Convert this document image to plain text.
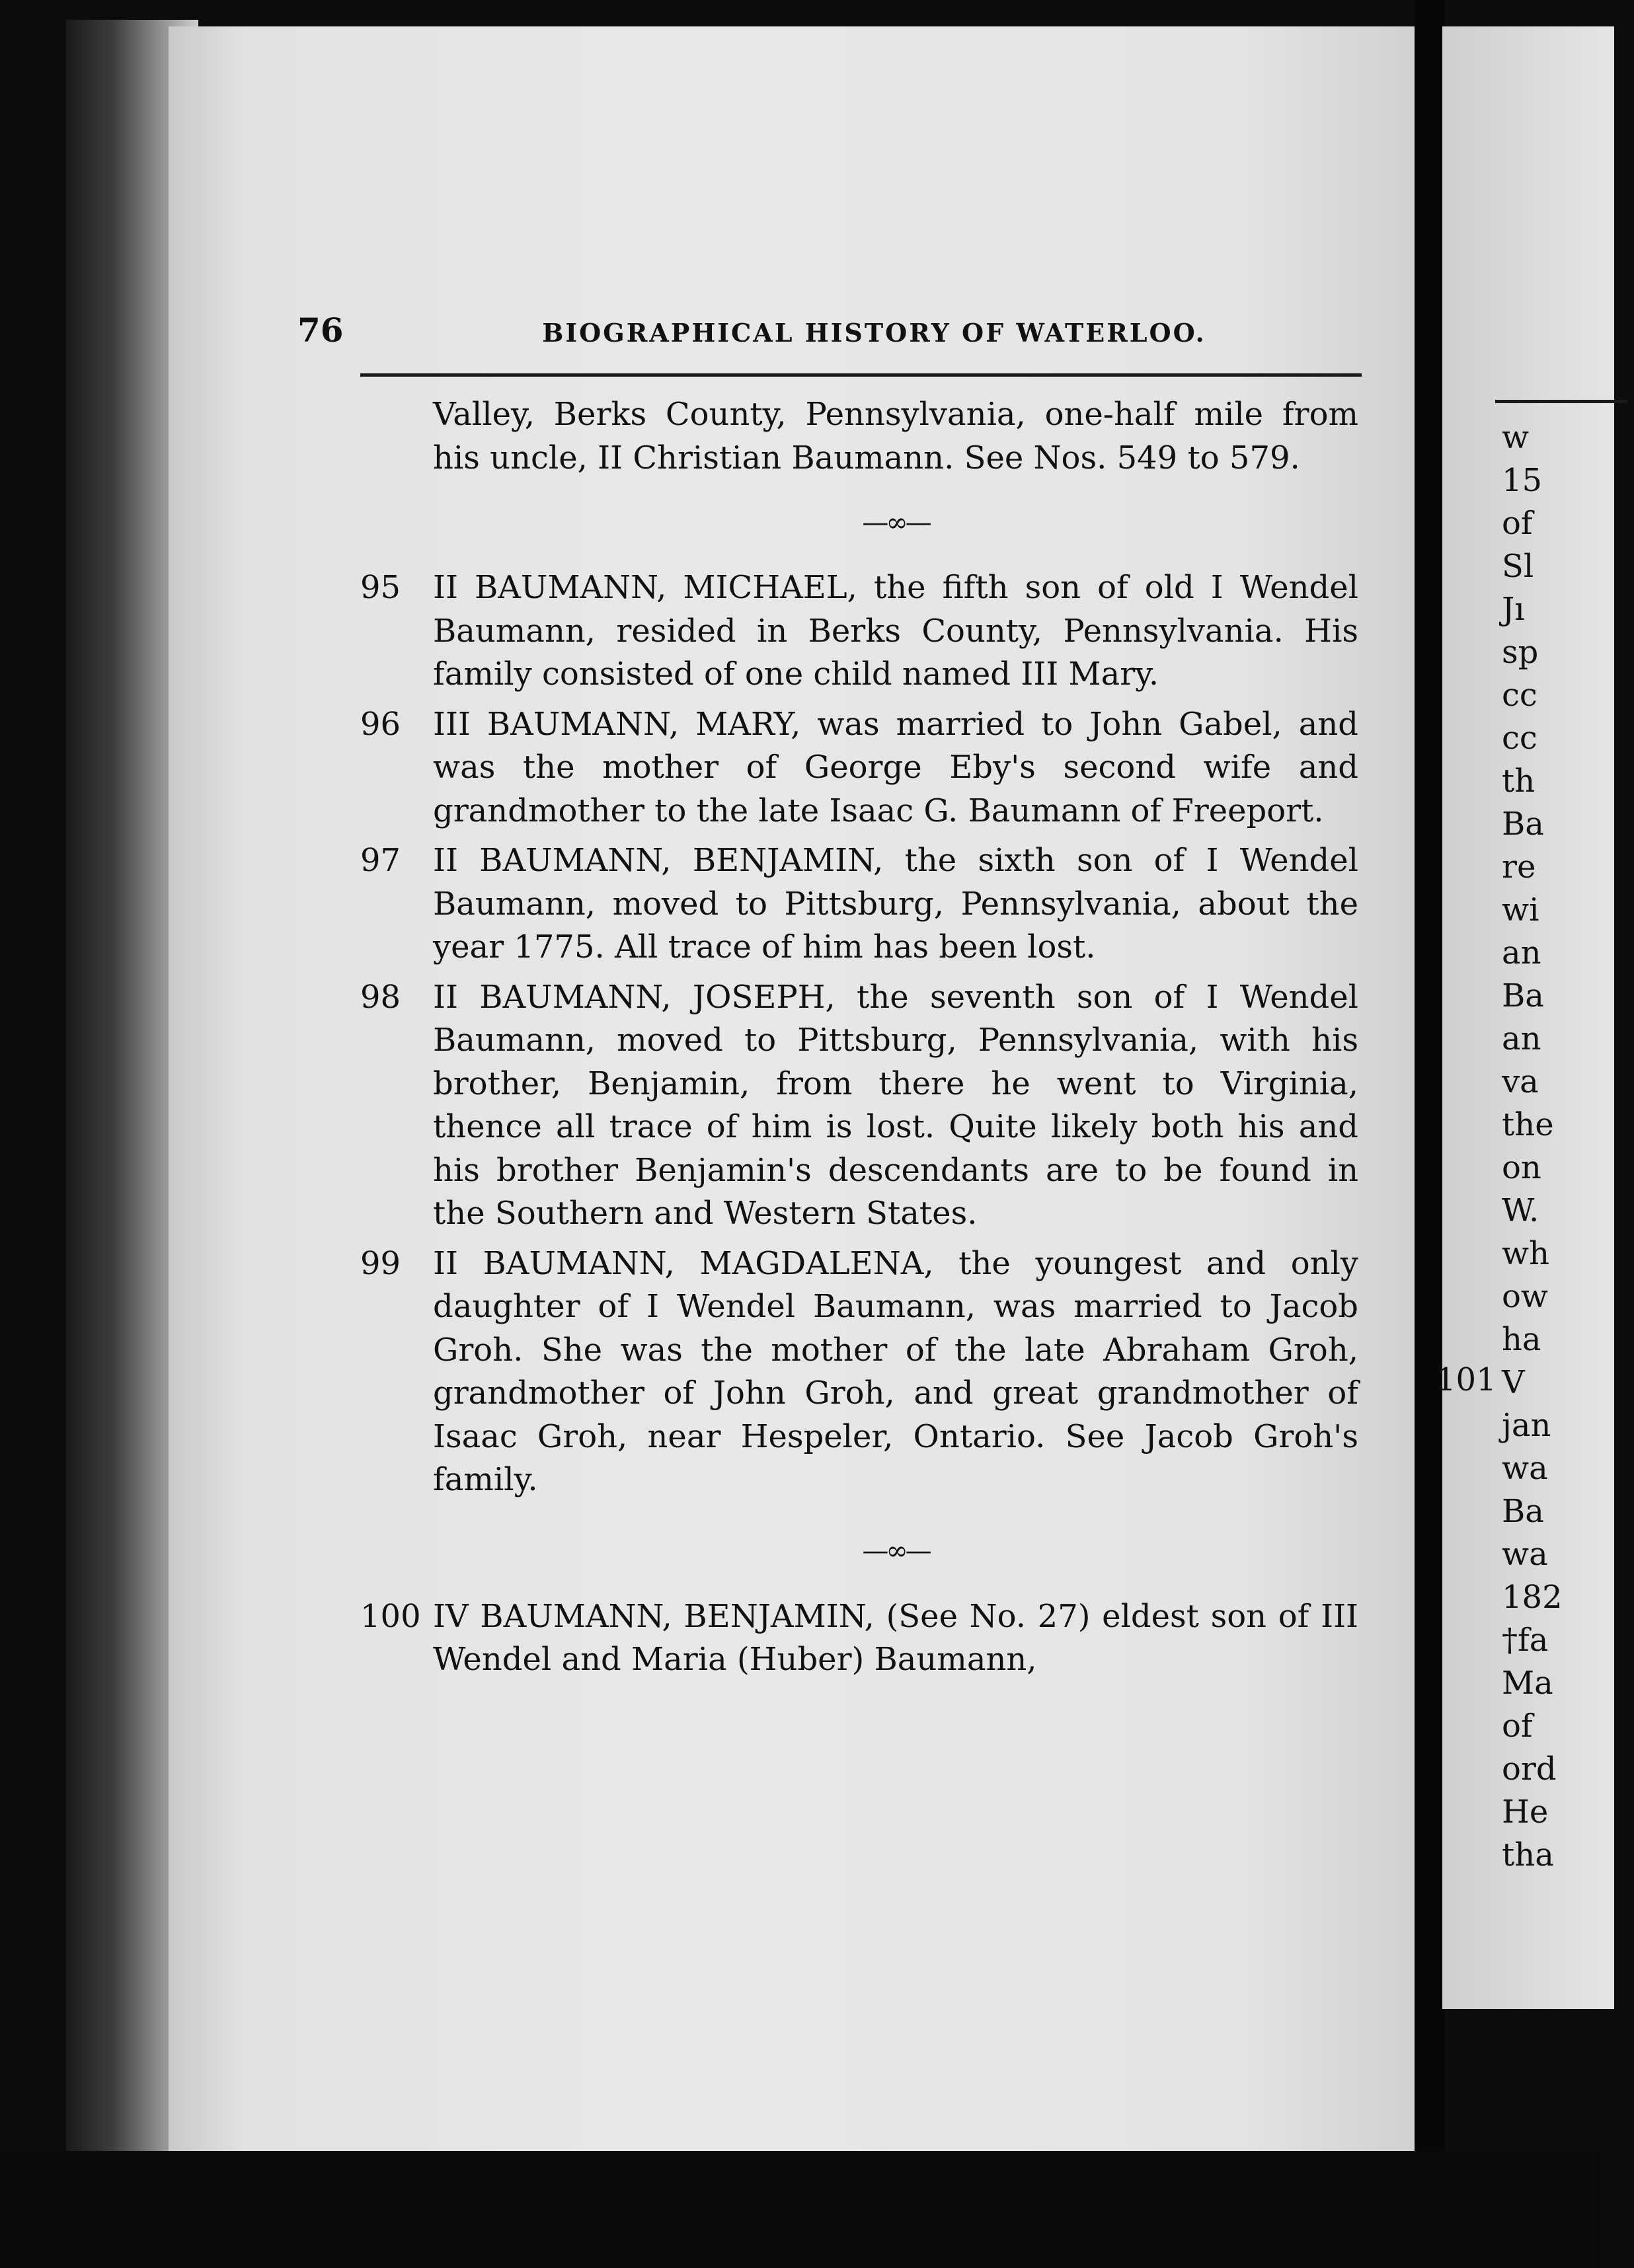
w
15
of
Sl
Jı
sp
cc
cc
th
Ba
re
wi
an
Ba
an
va
the
on
W.
wh
ow
ha
V
jan
wa
Ba
wa
182
†fa
Ma
of
ord
He
tha
101
BIOGRAPHICAL HISTORY OF WATERLOO.

Valley, Berks County, Pennsylvania, one-half mile from his uncle, II Christian Baumann. See Nos. 549 to 579.

—∞—
95 II BAUMANN, MICHAEL, the fifth son of old I Wendel Baumann, resided in Berks County, Pennsylvania. His family consisted of one child named III Mary.

96 III BAUMANN, MARY, was married to John Gabel, and was the mother of George Eby's second wife and grandmother to the late Isaac G. Baumann of Freeport.

97 II BAUMANN, BENJAMIN, the sixth son of I Wendel Baumann, moved to Pittsburg, Pennsylvania, about the year 1775. All trace of him has been lost.

98 II BAUMANN, JOSEPH, the seventh son of I Wendel Baumann, moved to Pittsburg, Pennsylvania, with his brother, Benjamin, from there he went to Virginia, thence all trace of him is lost. Quite likely both his and his brother Benjamin's descendants are to be found in the Southern and Western States.

99 II BAUMANN, MAGDALENA, the youngest and only daughter of I Wendel Baumann, was married to Jacob Groh. She was the mother of the late Abraham Groh, grandmother of John Groh, and great grandmother of Isaac Groh, near Hespeler, Ontario. See Jacob Groh's family.

—∞—
100 IV BAUMANN, BENJAMIN, (See No. 27) eldest son of III Wendel and Maria (Huber) Baumann,
